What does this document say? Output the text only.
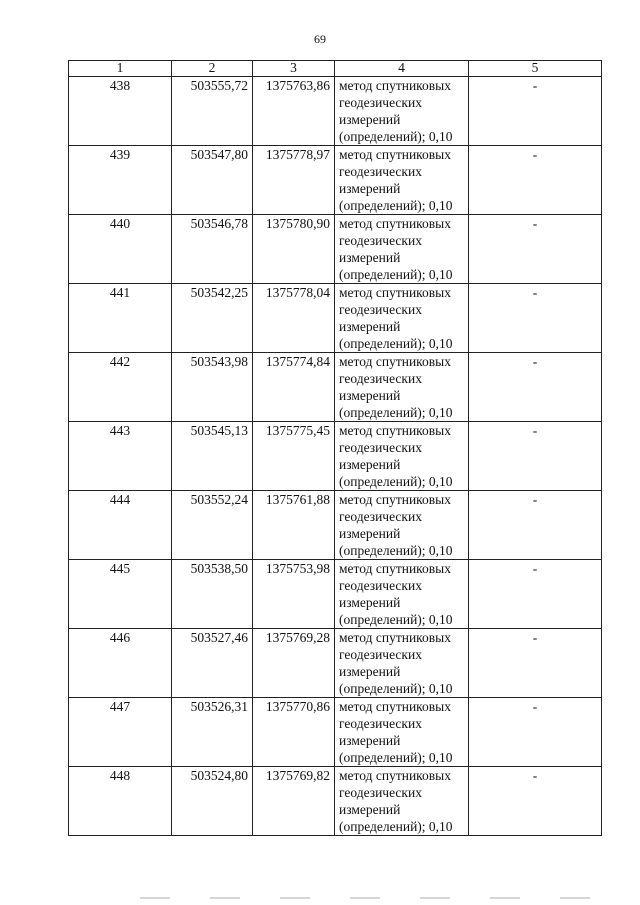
69
1	2	3	4	5
438	503555,72	1375763,86	метод спутниковых геодезических измерений (определений); 0,10	-
439	503547,80	1375778,97	метод спутниковых геодезических измерений (определений); 0,10	-
440	503546,78	1375780,90	метод спутниковых геодезических измерений (определений); 0,10	-
441	503542,25	1375778,04	метод спутниковых геодезических измерений (определений); 0,10	-
442	503543,98	1375774,84	метод спутниковых геодезических измерений (определений); 0,10	-
443	503545,13	1375775,45	метод спутниковых геодезических измерений (определений); 0,10	-
444	503552,24	1375761,88	метод спутниковых геодезических измерений (определений); 0,10	-
445	503538,50	1375753,98	метод спутниковых геодезических измерений (определений); 0,10	-
446	503527,46	1375769,28	метод спутниковых геодезических измерений (определений); 0,10	-
447	503526,31	1375770,86	метод спутниковых геодезических измерений (определений); 0,10	-
448	503524,80	1375769,82	метод спутниковых геодезических измерений (определений); 0,10	-
